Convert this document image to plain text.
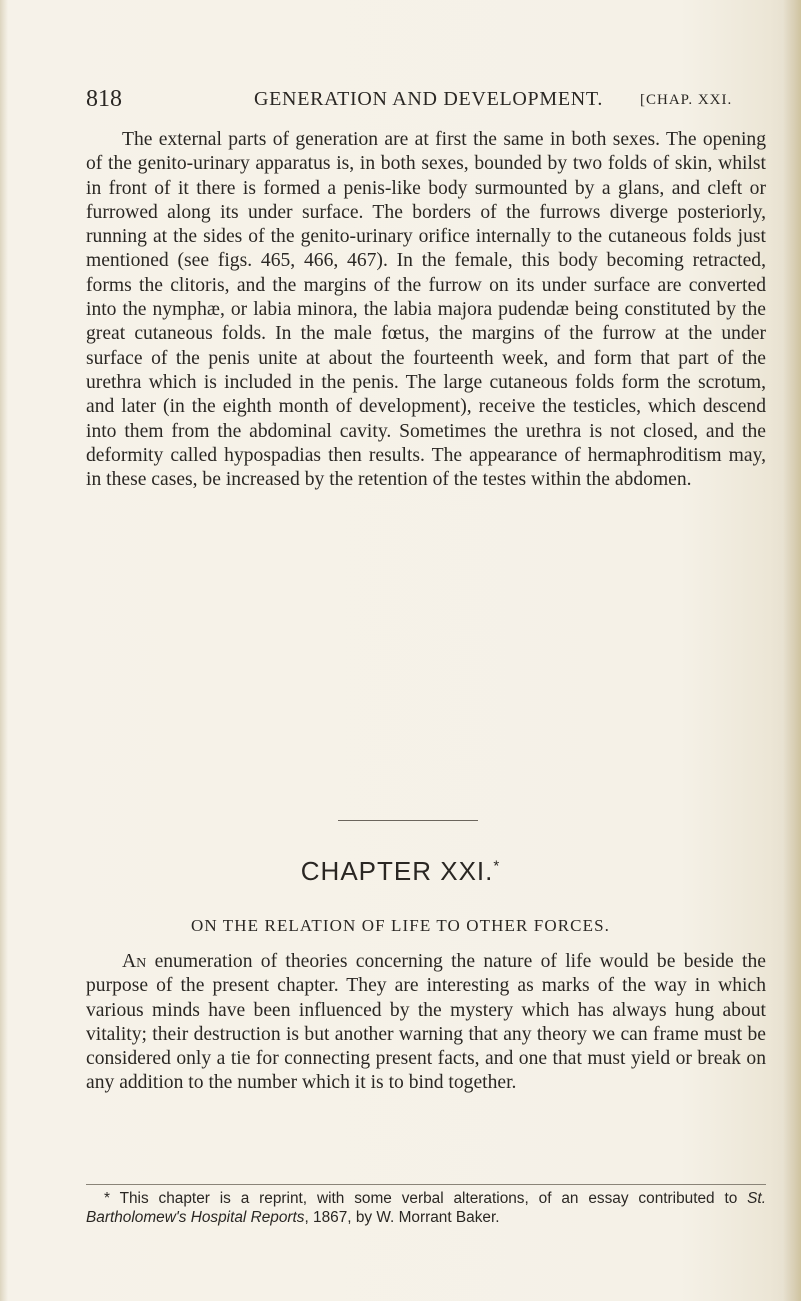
818	GENERATION AND DEVELOPMENT. [CHAP. XXI.

The external parts of generation are at first the same in both sexes. The opening of the genito-urinary apparatus is, in both sexes, bounded by two folds of skin, whilst in front of it there is formed a penis-like body surmounted by a glans, and cleft or furrowed along its under surface. The borders of the furrows diverge posteriorly, running at the sides of the genito-urinary orifice internally to the cutaneous folds just mentioned (see figs. 465, 466, 467). In the female, this body becoming retracted, forms the clitoris, and the margins of the furrow on its under surface are converted into the nymphæ, or labia minora, the labia majora pudendæ being constituted by the great cutaneous folds. In the male fœtus, the margins of the furrow at the under surface of the penis unite at about the fourteenth week, and form that part of the urethra which is included in the penis. The large cutaneous folds form the scrotum, and later (in the eighth month of development), receive the testicles, which descend into them from the abdominal cavity. Sometimes the urethra is not closed, and the deformity called hypospadias then results. The appearance of hermaphroditism may, in these cases, be increased by the retention of the testes within the abdomen.

CHAPTER XXI.*
ON THE RELATION OF LIFE TO OTHER FORCES.

An enumeration of theories concerning the nature of life would be beside the purpose of the present chapter. They are interesting as marks of the way in which various minds have been influenced by the mystery which has always hung about vitality; their destruction is but another warning that any theory we can frame must be considered only a tie for connecting present facts, and one that must yield or break on any addition to the number which it is to bind together.

* This chapter is a reprint, with some verbal alterations, of an essay contributed to St. Bartholomew's Hospital Reports, 1867, by W. Morrant Baker.
